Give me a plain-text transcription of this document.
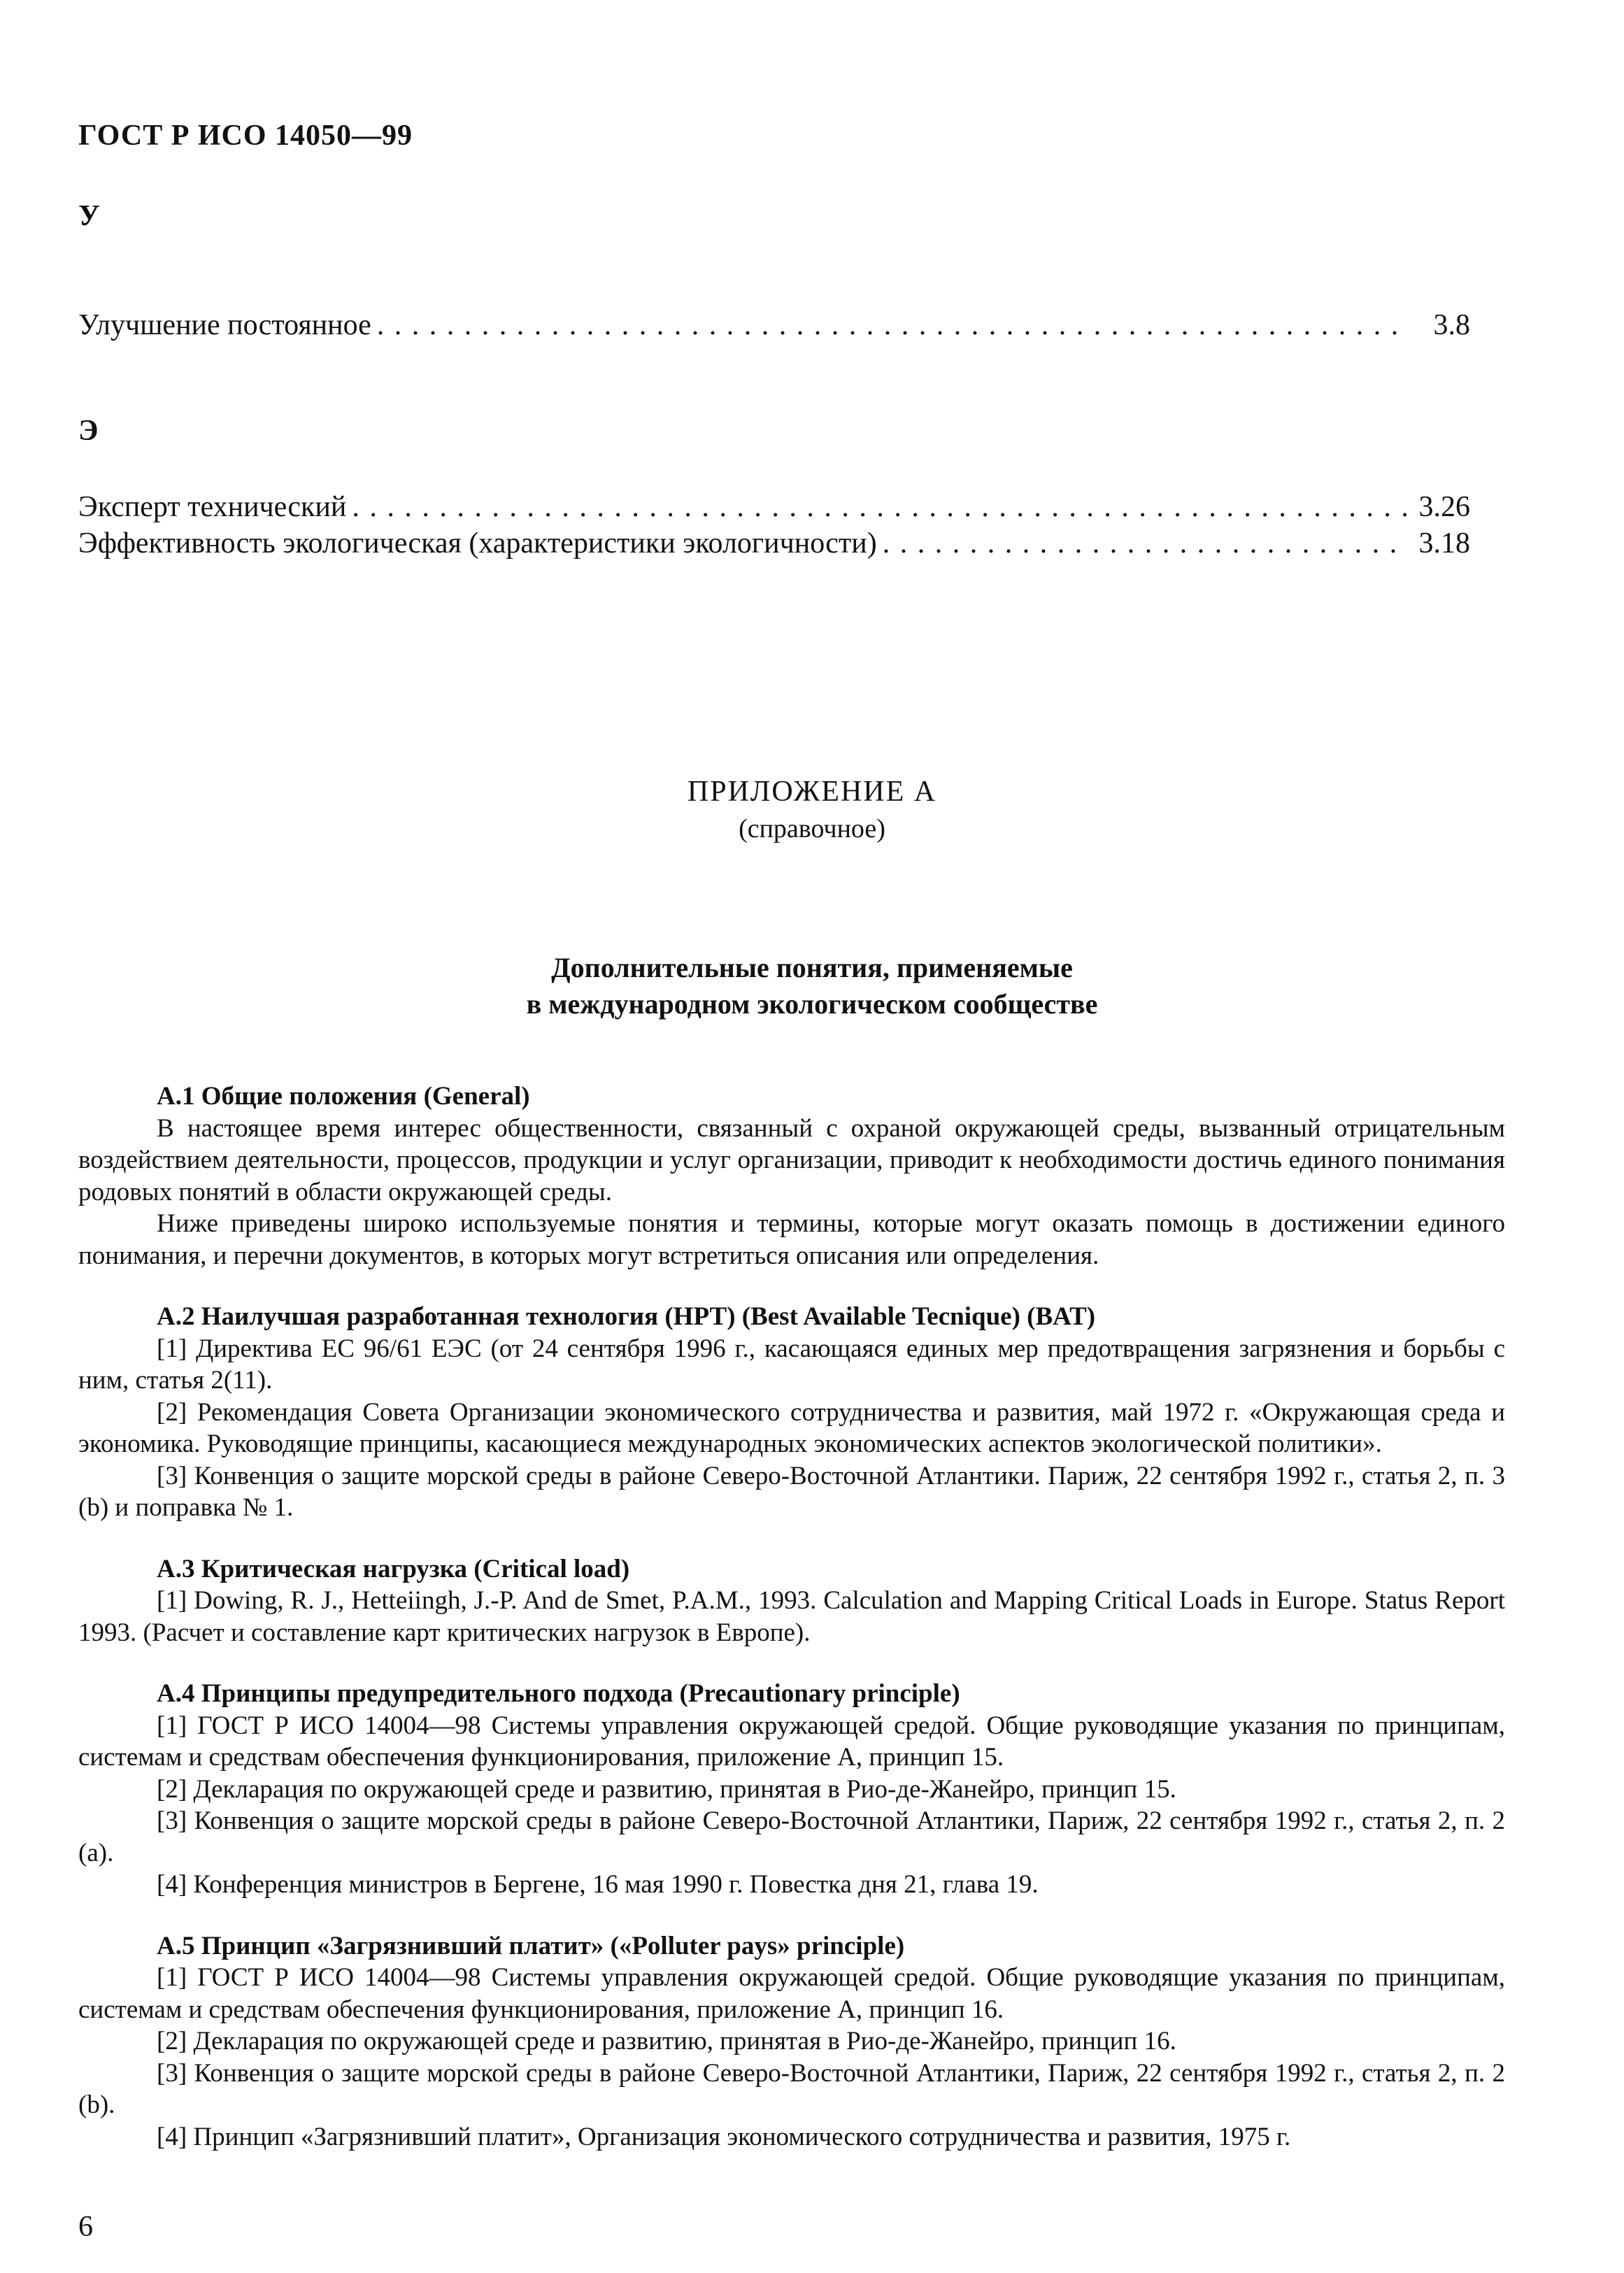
ГОСТ Р ИСО 14050—99
У
Улучшение постоянное . . .	3.8
Э
Эксперт технический . . .	3.26
Эффективность экологическая (характеристики экологичности) . . .	3.18
ПРИЛОЖЕНИЕ А
(справочное)
Дополнительные понятия, применяемые
в международном экологическом сообществе

А.1 Общие положения (General)

В настоящее время интерес общественности, связанный с охраной окружающей среды, вызванный отрицательным воздействием деятельности, процессов, продукции и услуг организации, приводит к необходимости достичь единого понимания родовых понятий в области окружающей среды.

Ниже приведены широко используемые понятия и термины, которые могут оказать помощь в достижении единого понимания, и перечни документов, в которых могут встретиться описания или определения.

А.2 Наилучшая разработанная технология (НРТ) (Best Available Tecnique) (BAT)

[1] Директива ЕС 96/61 ЕЭС (от 24 сентября 1996 г., касающаяся единых мер предотвращения загрязнения и борьбы с ним, статья 2(11).

[2] Рекомендация Совета Организации экономического сотрудничества и развития, май 1972 г. «Окружающая среда и экономика. Руководящие принципы, касающиеся международных экономических аспектов экологической политики».

[3] Конвенция о защите морской среды в районе Северо-Восточной Атлантики. Париж, 22 сентября 1992 г., статья 2, п. 3 (b) и поправка № 1.

А.3 Критическая нагрузка (Critical load)

[1] Dowing, R. J., Hetteiingh, J.-P. And de Smet, P.A.M., 1993. Calculation and Mapping Critical Loads in Europe. Status Report 1993. (Расчет и составление карт критических нагрузок в Европе).

А.4 Принципы предупредительного подхода (Precautionary principle)

[1] ГОСТ Р ИСО 14004—98 Системы управления окружающей средой. Общие руководящие указания по принципам, системам и средствам обеспечения функционирования, приложение А, принцип 15.

[2] Декларация по окружающей среде и развитию, принятая в Рио-де-Жанейро, принцип 15.

[3] Конвенция о защите морской среды в районе Северо-Восточной Атлантики, Париж, 22 сентября 1992 г., статья 2, п. 2 (а).

[4] Конференция министров в Бергене, 16 мая 1990 г. Повестка дня 21, глава 19.

А.5 Принцип «Загрязнивший платит» («Polluter pays» principle)

[1] ГОСТ Р ИСО 14004—98 Системы управления окружающей средой. Общие руководящие указания по принципам, системам и средствам обеспечения функционирования, приложение А, принцип 16.

[2] Декларация по окружающей среде и развитию, принятая в Рио-де-Жанейро, принцип 16.

[3] Конвенция о защите морской среды в районе Северо-Восточной Атлантики, Париж, 22 сентября 1992 г., статья 2, п. 2 (b).

[4] Принцип «Загрязнивший платит», Организация экономического сотрудничества и развития, 1975 г.

6
